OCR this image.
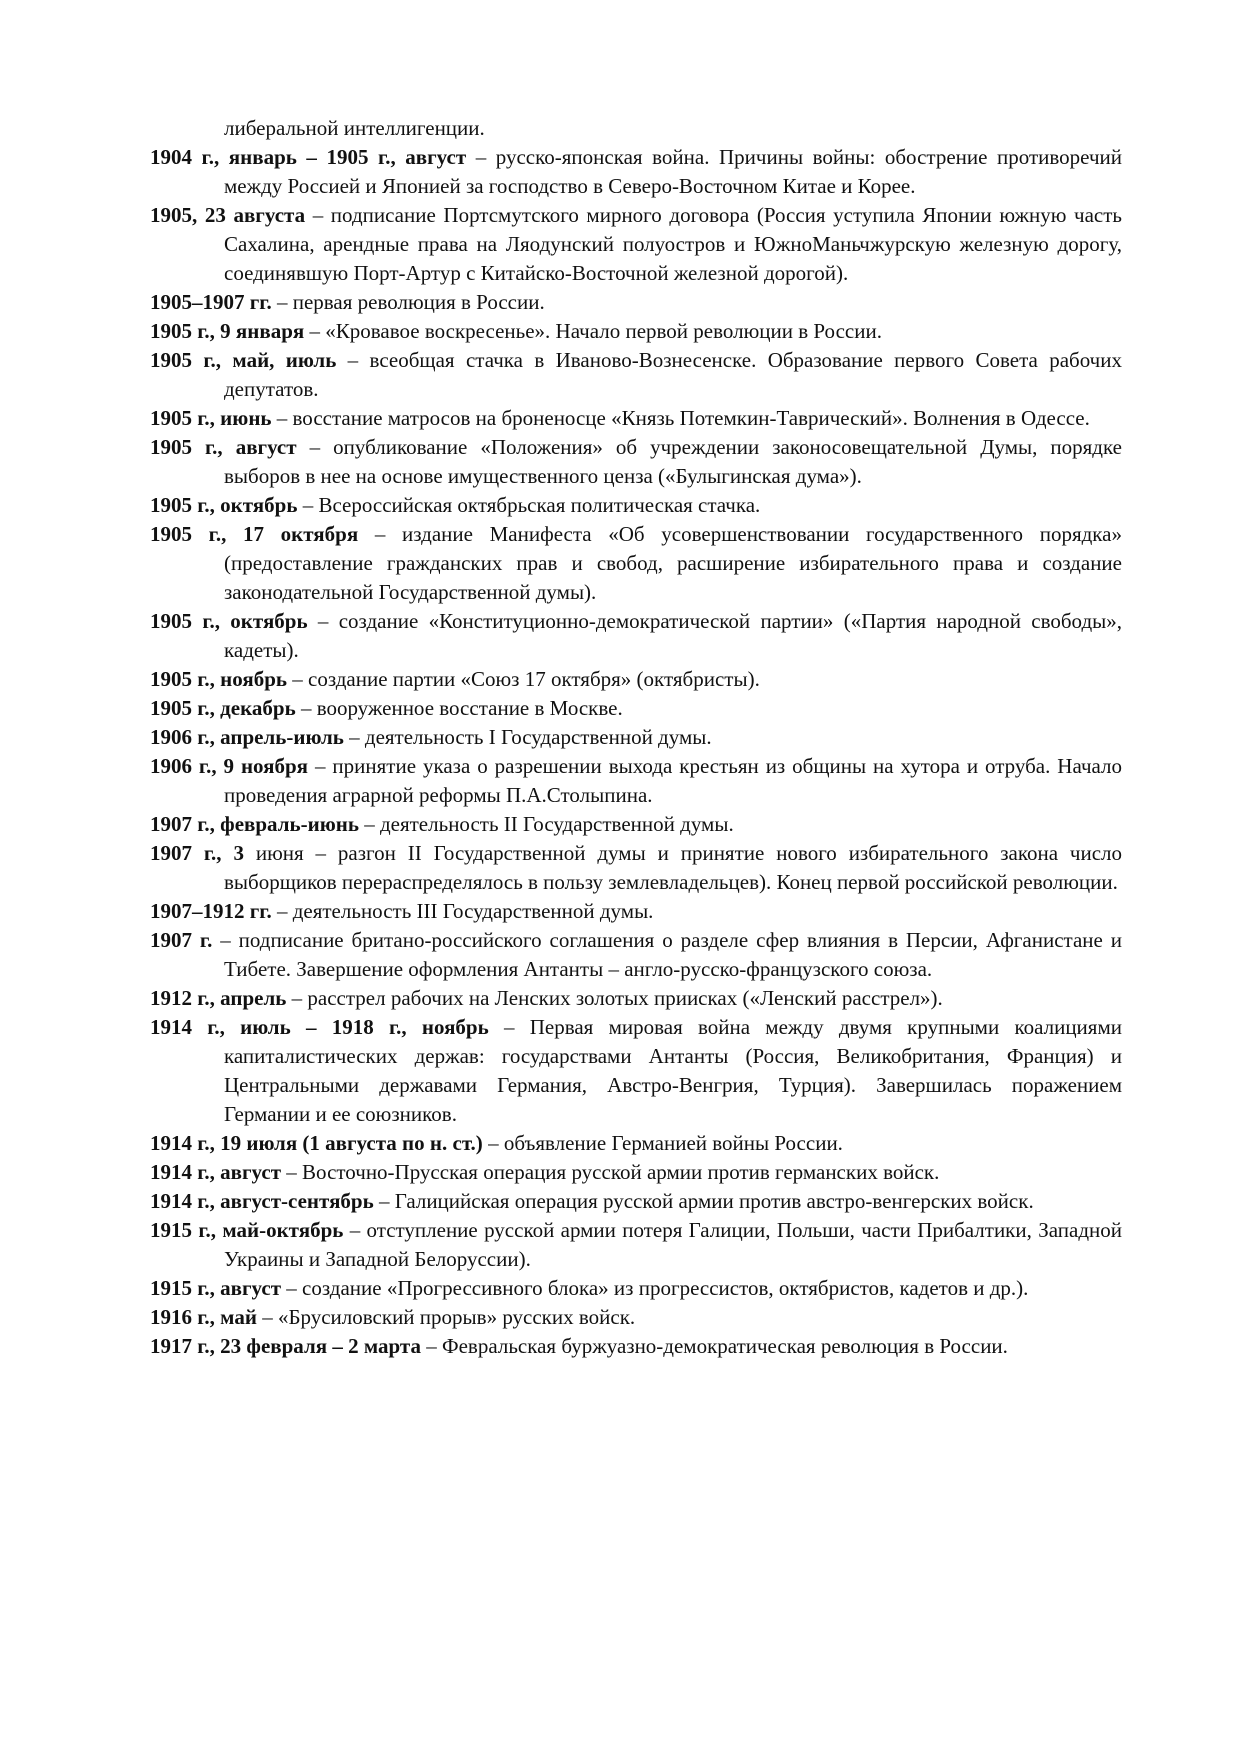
либеральной интеллигенции.

1904 г., январь – 1905 г., август – русско-японская война. Причины войны: обострение противоречий между Россией и Японией за господство в Северо-Восточном Китае и Корее.

1905, 23 августа – подписание Портсмутского мирного договора (Россия уступила Японии южную часть Сахалина, арендные права на Ляодунский полуостров и ЮжноМаньчжурскую железную дорогу, соединявшую Порт-Артур с Китайско-Восточной железной дорогой).

1905–1907 гг. – первая революция в России.

1905 г., 9 января – «Кровавое воскресенье». Начало первой революции в России.

1905 г., май, июль – всеобщая стачка в Иваново-Вознесенске. Образование первого Совета рабочих депутатов.

1905 г., июнь – восстание матросов на броненосце «Князь Потемкин-Таврический». Волнения в Одессе.

1905 г., август – опубликование «Положения» об учреждении законосовещательной Думы, порядке выборов в нее на основе имущественного ценза («Булыгинская дума»).

1905 г., октябрь – Всероссийская октябрьская политическая стачка.

1905 г., 17 октября – издание Манифеста «Об усовершенствовании государственного порядка» (предоставление гражданских прав и свобод, расширение избирательного права и создание законодательной Государственной думы).

1905 г., октябрь – создание «Конституционно-демократической партии» («Партия народной свободы», кадеты).

1905 г., ноябрь – создание партии «Союз 17 октября» (октябристы).

1905 г., декабрь – вооруженное восстание в Москве.

1906 г., апрель-июль – деятельность I Государственной думы.

1906 г., 9 ноября – принятие указа о разрешении выхода крестьян из общины на хутора и отруба. Начало проведения аграрной реформы П.А.Столыпина.

1907 г., февраль-июнь – деятельность II Государственной думы.

1907 г., 3 июня – разгон II Государственной думы и принятие нового избирательного закона число выборщиков перераспределялось в пользу землевладельцев). Конец первой российской революции.

1907–1912 гг. – деятельность III Государственной думы.

1907 г. – подписание британо-российского соглашения о разделе сфер влияния в Персии, Афганистане и Тибете. Завершение оформления Антанты – англо-русско-французского союза.

1912 г., апрель – расстрел рабочих на Ленских золотых приисках («Ленский расстрел»).

1914 г., июль – 1918 г., ноябрь – Первая мировая война между двумя крупными коалициями капиталистических держав: государствами Антанты (Россия, Великобритания, Франция) и Центральными державами Германия, Австро-Венгрия, Турция). Завершилась поражением Германии и ее союзников.

1914 г., 19 июля (1 августа по н. ст.) – объявление Германией войны России.

1914 г., август – Восточно-Прусская операция русской армии против германских войск.

1914 г., август-сентябрь – Галицийская операция русской армии против австро-венгерских войск.

1915 г., май-октябрь – отступление русской армии потеря Галиции, Польши, части Прибалтики, Западной Украины и Западной Белоруссии).

1915 г., август – создание «Прогрессивного блока» из прогрессистов, октябристов, кадетов и др.).

1916 г., май – «Брусиловский прорыв» русских войск.

1917 г., 23 февраля – 2 марта – Февральская буржуазно-демократическая революция в России.
